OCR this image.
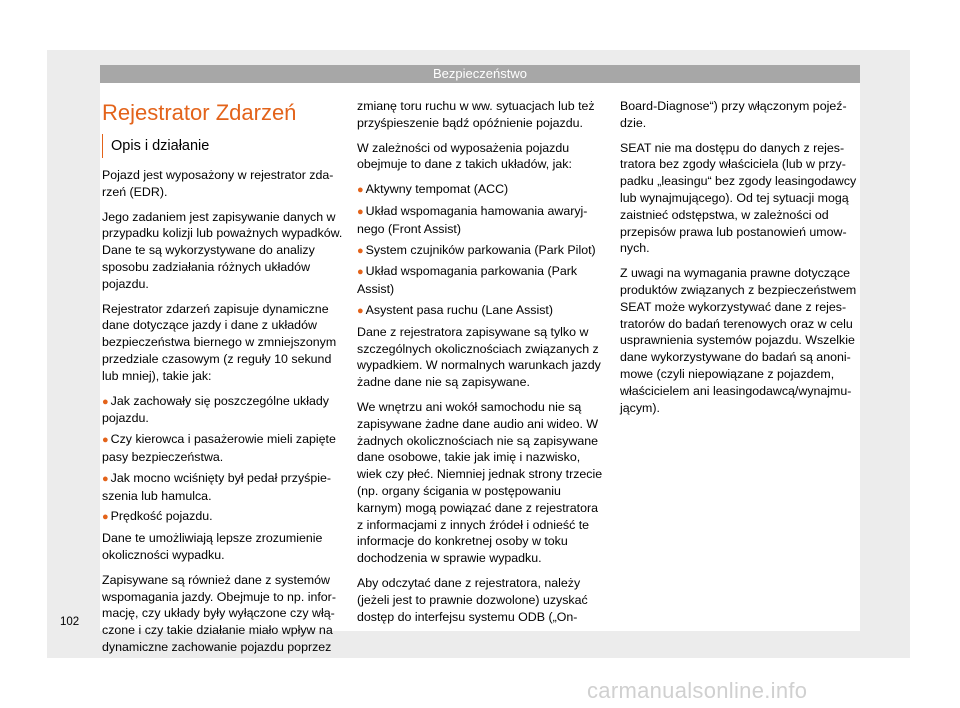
Bezpieczeństwo
Rejestrator Zdarzeń
Opis i działanie

Pojazd jest wyposażony w rejestrator zdarzeń (EDR).

Jego zadaniem jest zapisywanie danych w przypadku kolizji lub poważnych wypadków. Dane te są wykorzystywane do analizy sposobu zadziałania różnych układów pojazdu.

Rejestrator zdarzeń zapisuje dynamiczne dane dotyczące jazdy i dane z układów bezpieczeństwa biernego w zmniejszonym przedziale czasowym (z reguły 10 sekund lub mniej), takie jak:

● Jak zachowały się poszczególne układy pojazdu.

● Czy kierowca i pasażerowie mieli zapięte pasy bezpieczeństwa.

● Jak mocno wciśnięty był pedał przyśpieszenia lub hamulca.

● Prędkość pojazdu.

Dane te umożliwiają lepsze zrozumienie okoliczności wypadku.

Zapisywane są również dane z systemów wspomagania jazdy. Obejmuje to np. informację, czy układy były wyłączone czy włączone i czy takie działanie miało wpływ na dynamiczne zachowanie pojazdu poprzez

zmianę toru ruchu w ww. sytuacjach lub też przyśpieszenie bądź opóźnienie pojazdu.

W zależności od wyposażenia pojazdu obejmuje to dane z takich układów, jak:

● Aktywny tempomat (ACC)

● Układ wspomagania hamowania awaryjnego (Front Assist)

● System czujników parkowania (Park Pilot)

● Układ wspomagania parkowania (Park Assist)

● Asystent pasa ruchu (Lane Assist)

Dane z rejestratora zapisywane są tylko w szczególnych okolicznościach związanych z wypadkiem. W normalnych warunkach jazdy żadne dane nie są zapisywane.

We wnętrzu ani wokół samochodu nie są zapisywane żadne dane audio ani wideo. W żadnych okolicznościach nie są zapisywane dane osobowe, takie jak imię i nazwisko, wiek czy płeć. Niemniej jednak strony trzecie (np. organy ścigania w postępowaniu karnym) mogą powiązać dane z rejestratora z informacjami z innych źródeł i odnieść te informacje do konkretnej osoby w toku dochodzenia w sprawie wypadku.

Aby odczytać dane z rejestratora, należy (jeżeli jest to prawnie dozwolone) uzyskać dostęp do interfejsu systemu ODB („On-

Board-Diagnose“) przy włączonym pojeździe.

SEAT nie ma dostępu do danych z rejestratora bez zgody właściciela (lub w przypadku „leasingu“ bez zgody leasingodawcy lub wynajmującego). Od tej sytuacji mogą zaistnieć odstępstwa, w zależności od przepisów prawa lub postanowień umownych.

Z uwagi na wymagania prawne dotyczące produktów związanych z bezpieczeństwem SEAT może wykorzystywać dane z rejestratorów do badań terenowych oraz w celu usprawnienia systemów pojazdu. Wszelkie dane wykorzystywane do badań są anonimowe (czyli niepowiązane z pojazdem, właścicielem ani leasingodawcą/wynajmującym).

102
carmanualsonline.info
